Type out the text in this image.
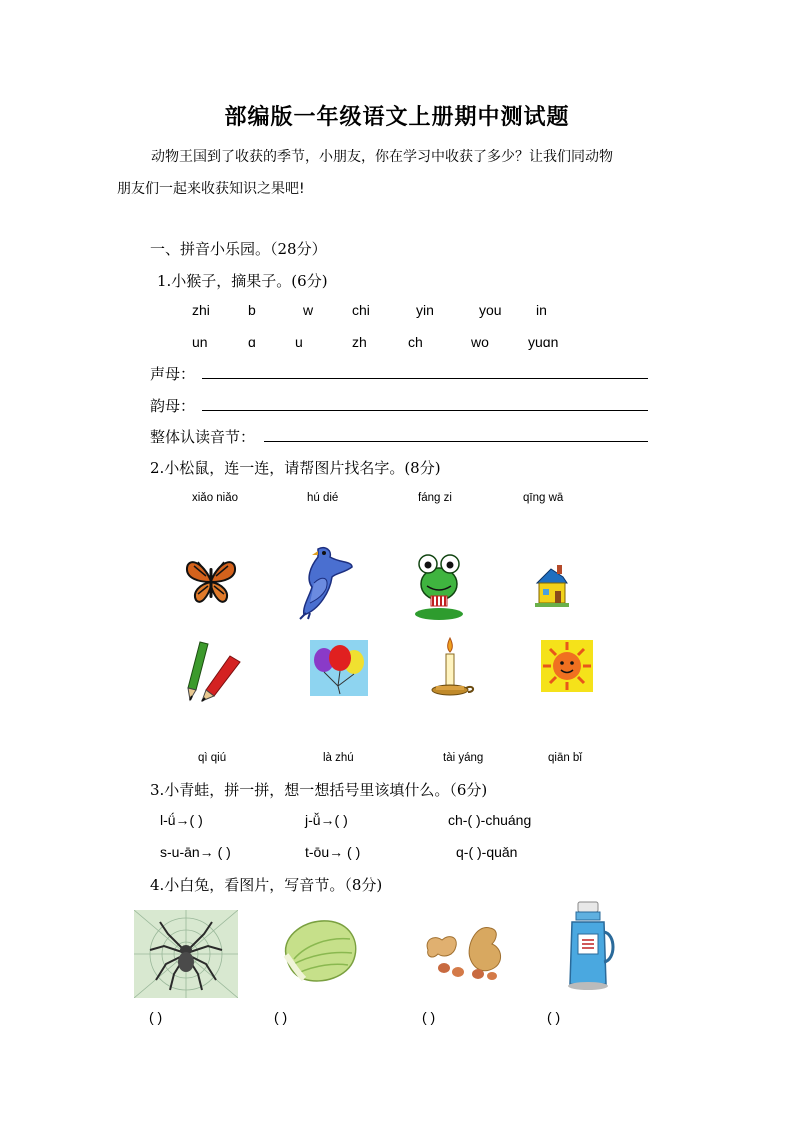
部编版一年级语文上册期中测试题
动物王国到了收获的季节，小朋友，你在学习中收获了多少？让我们同动物
朋友们一起来收获知识之果吧!
一、拼音小乐园。（28分）
1.小猴子，摘果子。(6分)
zhi	b	w	chi	yin	you in
un	ɑ	u	zh	ch	wo	yuɑn
声母：
韵母：
整体认读音节：
2.小松鼠，连一连，请帮图片找名字。(8分)
xiǎo niǎo	hú dié	fánɡ zi	qīnɡ wā
qì qiú	là zhú	tài yánɡ	qiān bǐ
3.小青蛙，拼一拼，想一想括号里该填什么。（6分)
l-ǘ→( )	j-ǚ→( )	ch-( )-chuánɡ
s-u-ān→ ( )	t-ōu→ ( )	q-( )-quǎn
4.小白兔，看图片，写音节。（8分)
( )	( )	( )	( )
